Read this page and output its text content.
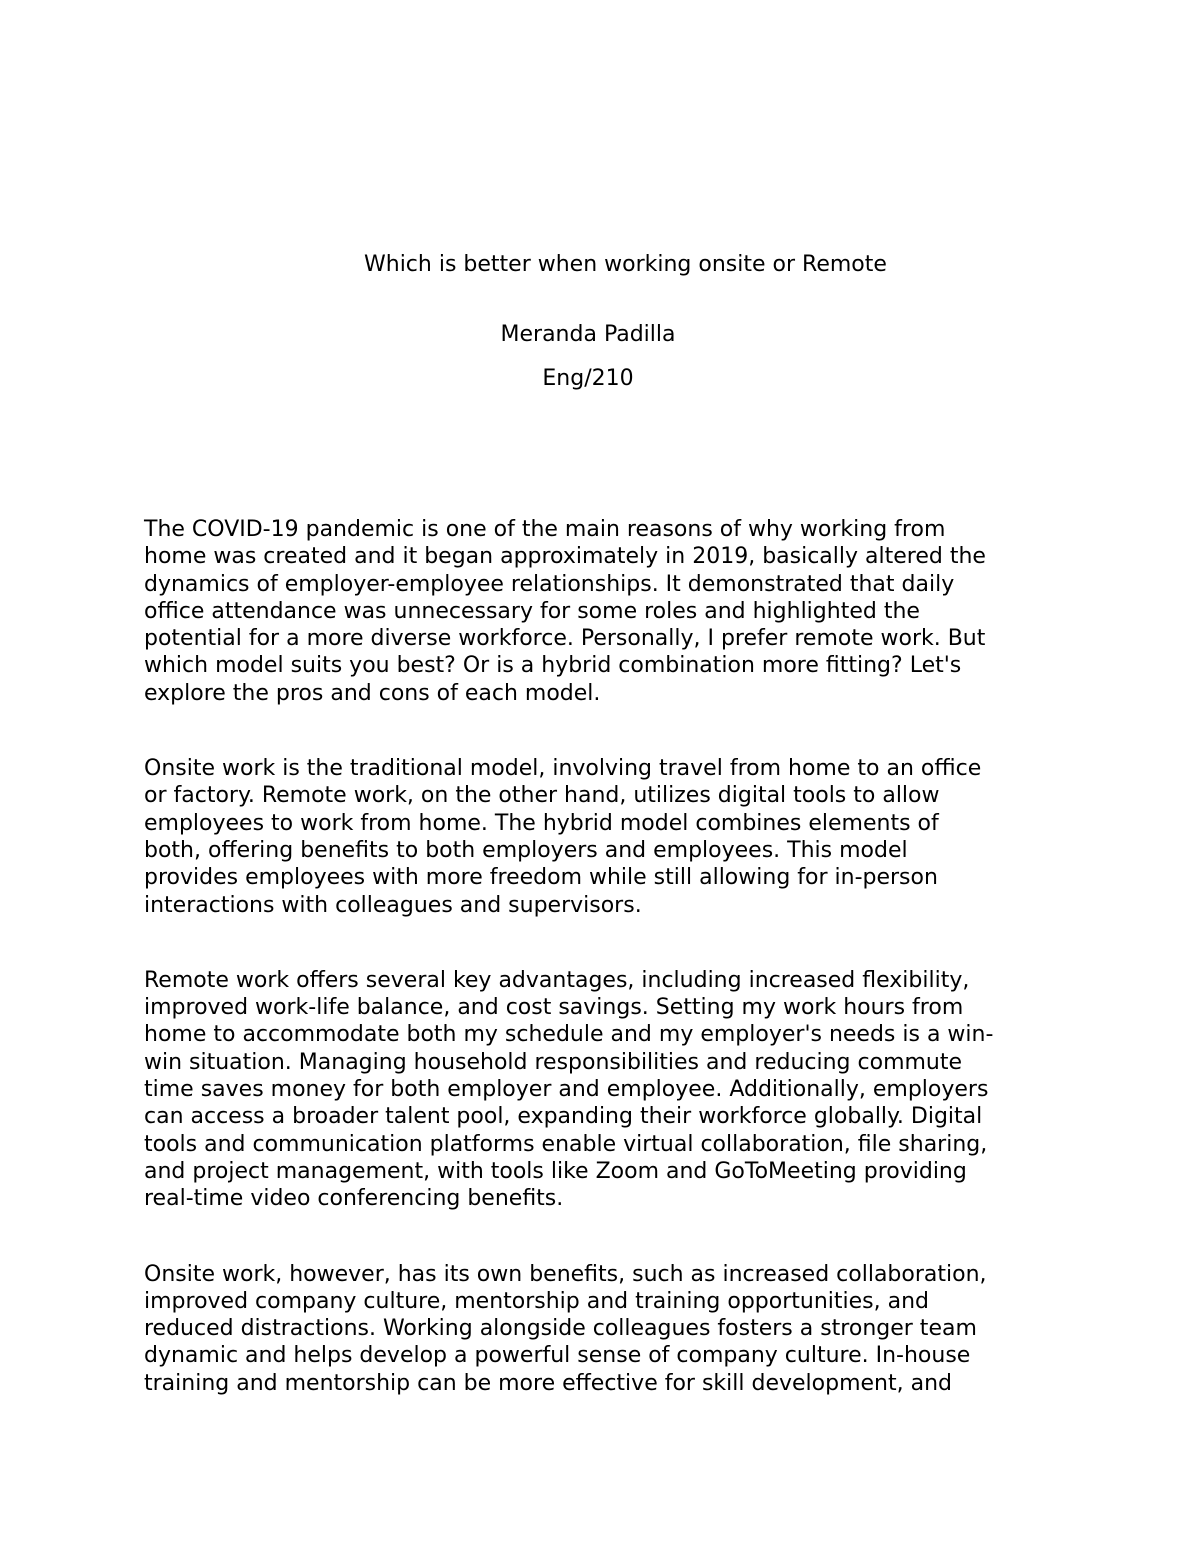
Which is better when working onsite or Remote
Meranda Padilla
Eng/210
The COVID-19 pandemic is one of the main reasons of why working from
home was created and it began approximately in 2019, basically altered the
dynamics of employer-employee relationships. It demonstrated that daily
office attendance was unnecessary for some roles and highlighted the
potential for a more diverse workforce. Personally, I prefer remote work. But
which model suits you best? Or is a hybrid combination more fitting? Let's
explore the pros and cons of each model.
Onsite work is the traditional model, involving travel from home to an office
or factory. Remote work, on the other hand, utilizes digital tools to allow
employees to work from home. The hybrid model combines elements of
both, offering benefits to both employers and employees. This model
provides employees with more freedom while still allowing for in-person
interactions with colleagues and supervisors.
Remote work offers several key advantages, including increased flexibility,
improved work-life balance, and cost savings. Setting my work hours from
home to accommodate both my schedule and my employer's needs is a win-
win situation. Managing household responsibilities and reducing commute
time saves money for both employer and employee. Additionally, employers
can access a broader talent pool, expanding their workforce globally. Digital
tools and communication platforms enable virtual collaboration, file sharing,
and project management, with tools like Zoom and GoToMeeting providing
real-time video conferencing benefits.
Onsite work, however, has its own benefits, such as increased collaboration,
improved company culture, mentorship and training opportunities, and
reduced distractions. Working alongside colleagues fosters a stronger team
dynamic and helps develop a powerful sense of company culture. In-house
training and mentorship can be more effective for skill development, and
